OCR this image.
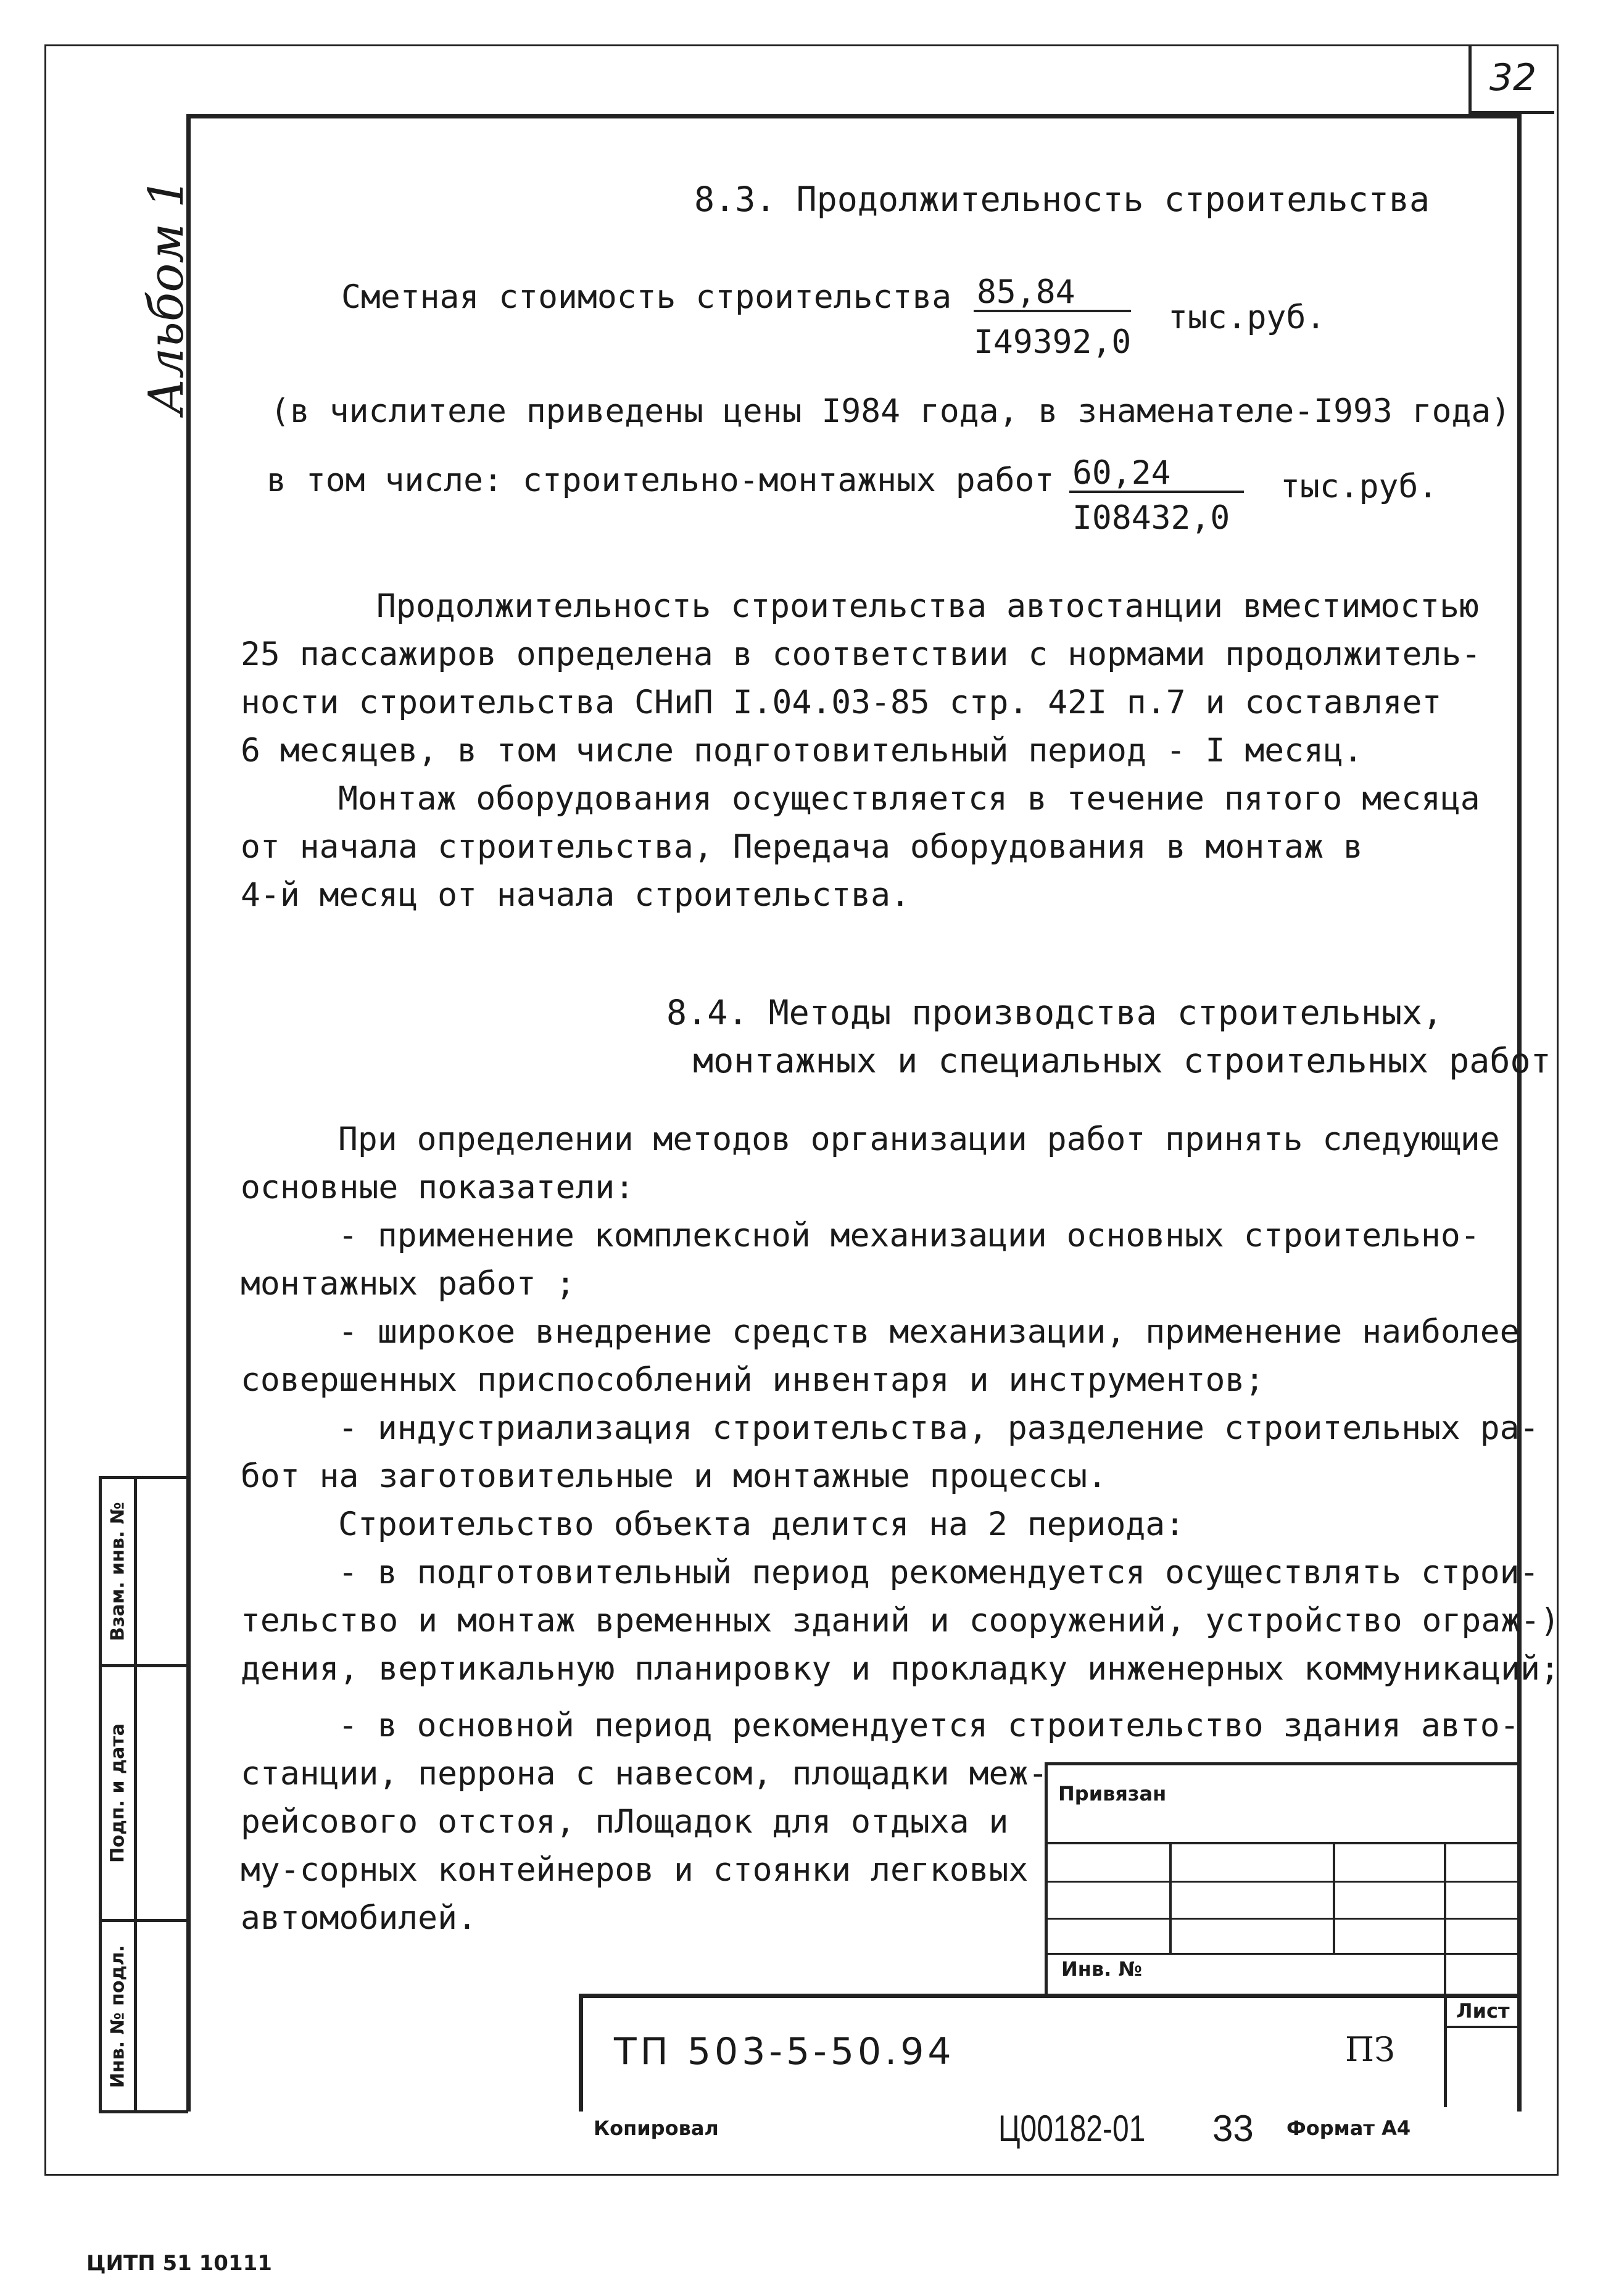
32
Альбом 1	8.3. Продолжительность строительства
Сметная стоимость строительства 85,84
I49392,0
тыс.руб.
(в числителе приведены цены I984 года, в знаменателе-I993 года)
в том числе: строительно-монтажных работ -
60,24
I08432,0
тыс.руб.
Продолжительность строительства автостанции вместимостью
25 пассажиров определена в соответствии с нормами продолжитель-
ности строительства СНиП I.04.03-85 стр. 42I п.7 и составляет
6 месяцев, в том числе подготовительный период - I месяц.
Монтаж оборудования осуществляется в течение пятого месяца
от начала строительства, Передача оборудования в монтаж в
4-й месяц от начала строительства.
8.4. Методы производства строительных,
монтажных и специальных строительных работ
При определении методов организации работ принять следующие
основные показатели:
- применение комплексной механизации основных строительно-
монтажных работ ;
- широкое внедрение средств механизации, применение наиболее
совершенных приспособлений инвентаря и инструментов;
- индустриализация строительства, разделение строительных ра-
бот на заготовительные и монтажные процессы.
Строительство объекта делится на 2 периода:
- в подготовительный период рекомендуется осуществлять строи-
тельство и монтаж временных зданий и сооружений, устройство ограж-)
дения, вертикальную планировку и прокладку инженерных коммуникаций;
- в основной период рекомендуется строительство здания авто-
станции, перрона с навесом, площадки меж-
рейсового отстоя, пЛощадок для отдыха и
му-сорных контейнеров и стоянки легковых
автомобилей.
Взам. инв. №
Подп. и дата
Инв. № подл.
Привязан
Инв. №
Лист
ТП 503-5-50.94	ПЗ
Копировал	Ц00182-01 33 Формат А4
ЦИТП 51 10111
